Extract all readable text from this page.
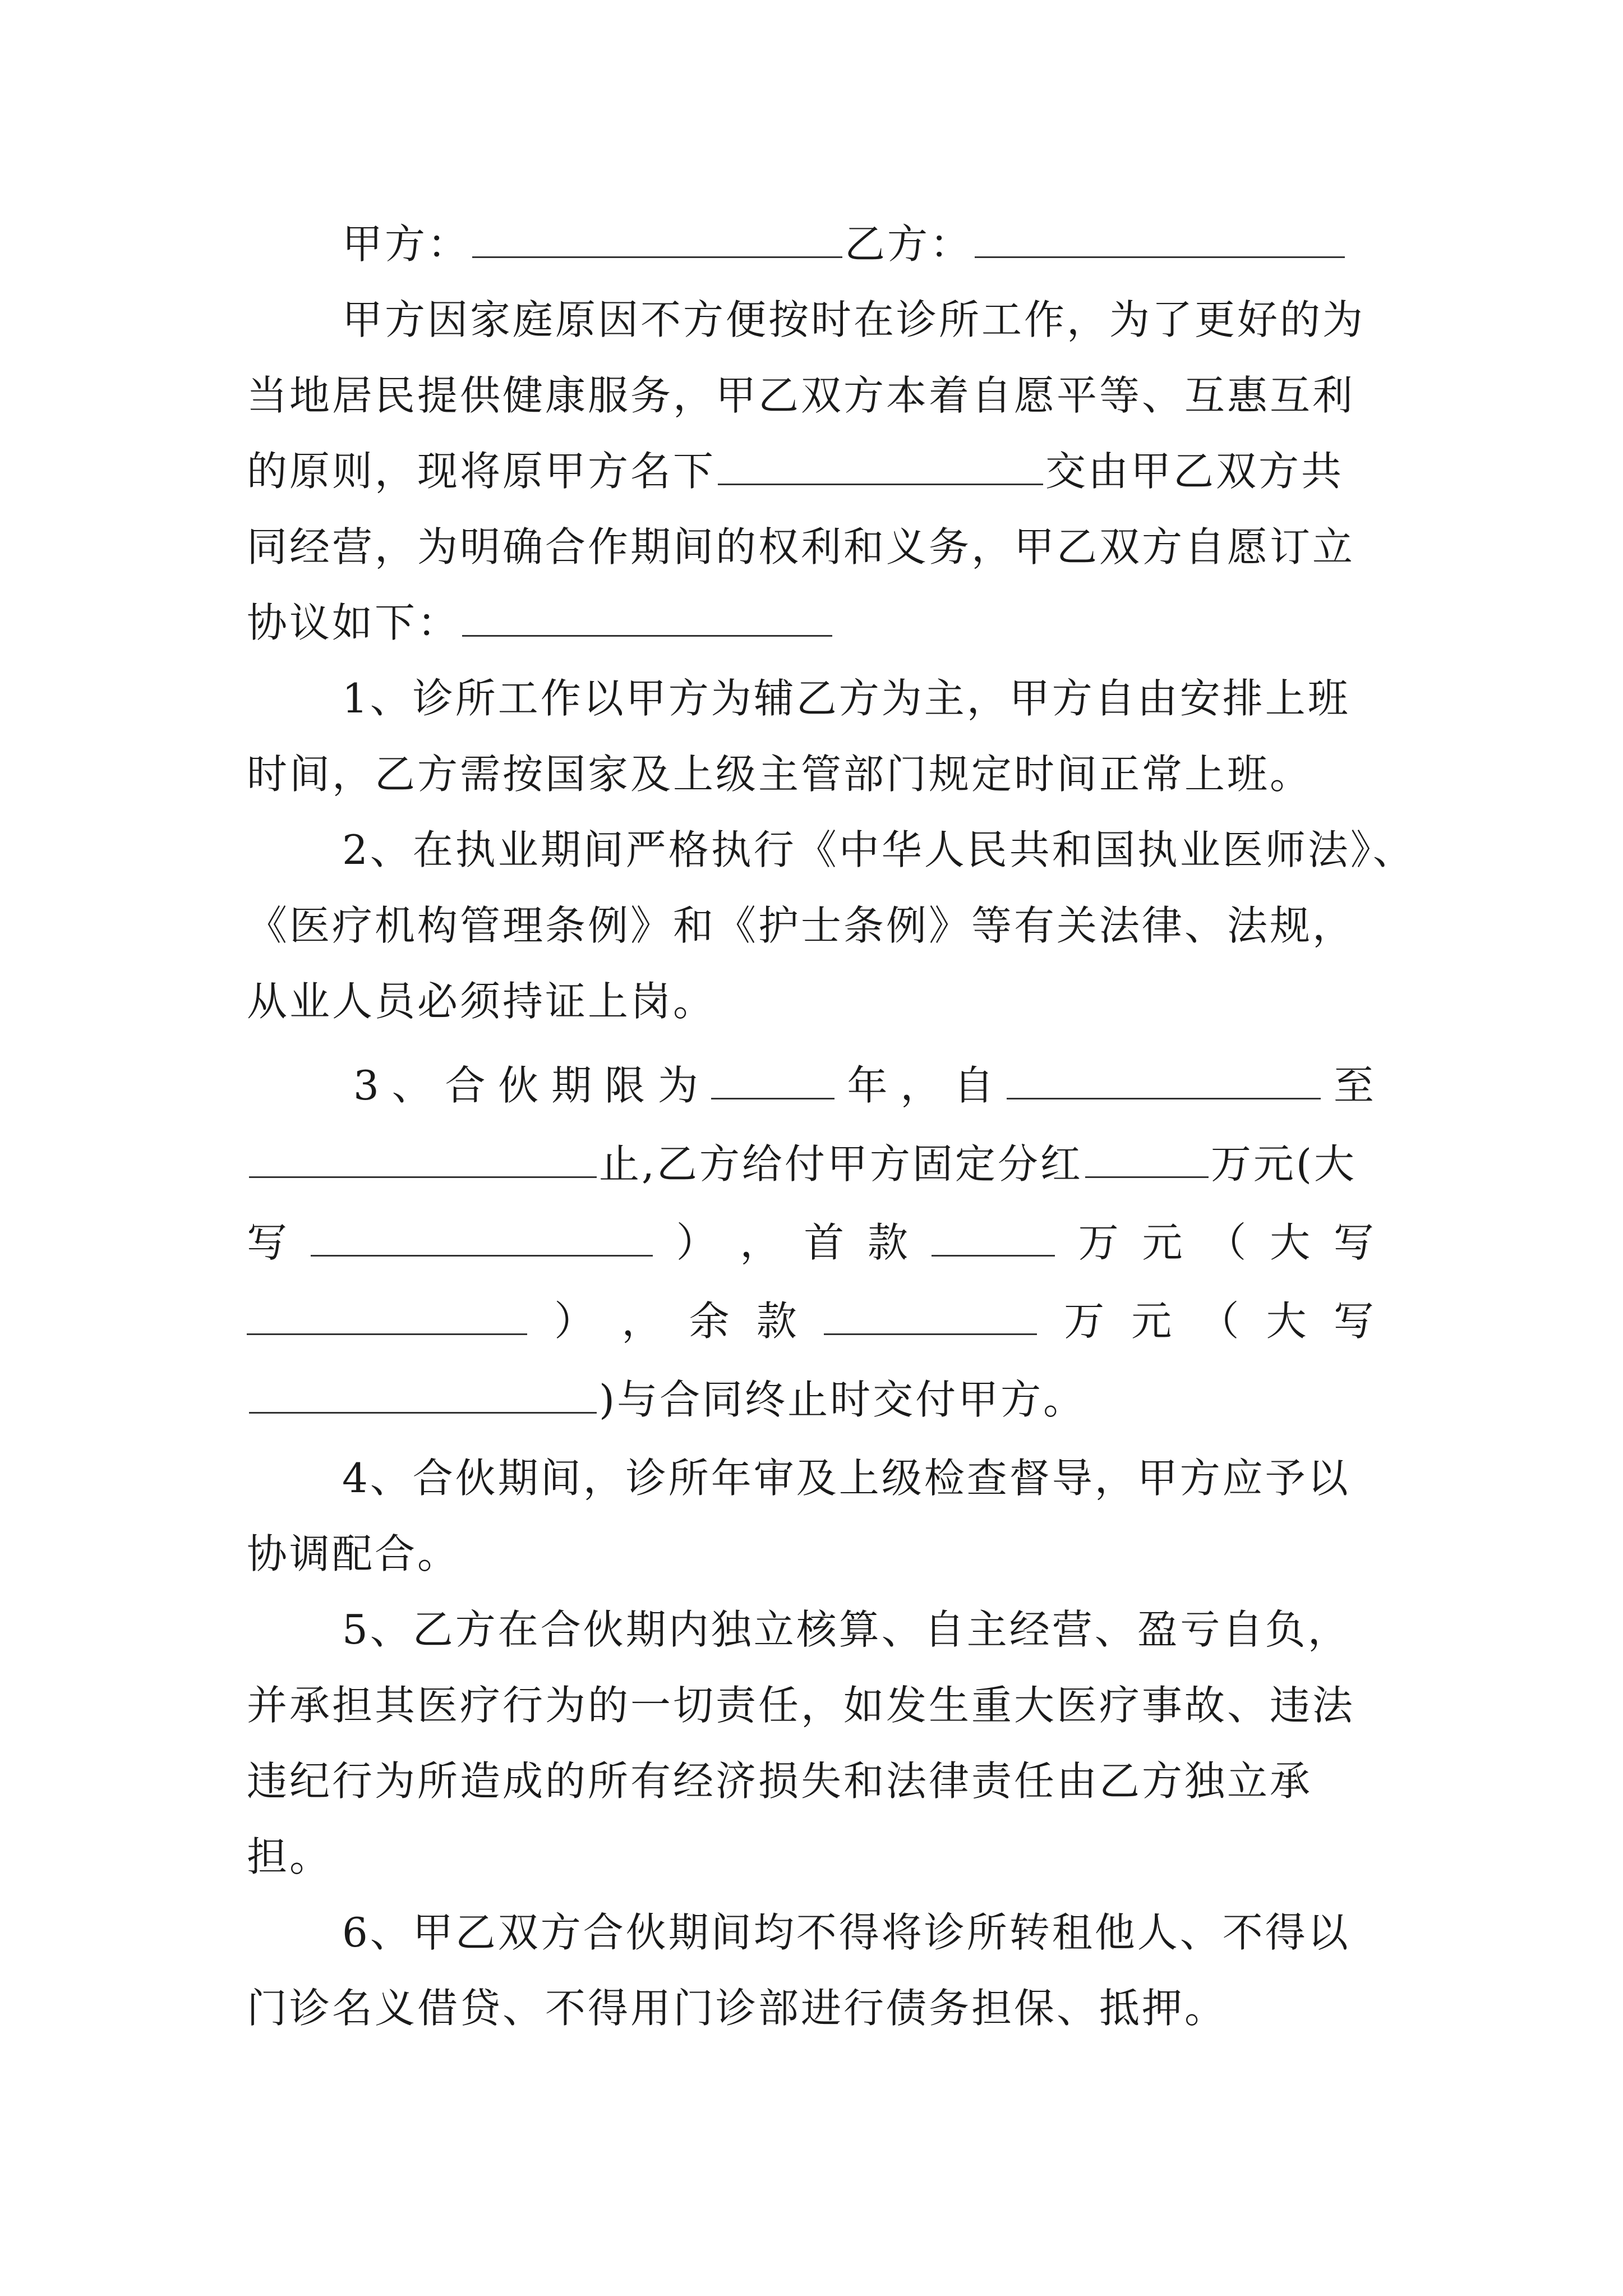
甲方：	乙方：
甲方因家庭原因不方便按时在诊所工作，为了更好的为
当地居民提供健康服务，甲乙双方本着自愿平等、互惠互利
的原则，现将原甲方名下	交由甲乙双方共
同经营，为明确合作期间的权利和义务，甲乙双方自愿订立
协议如下：
1、诊所工作以甲方为辅乙方为主，甲方自由安排上班
时间，乙方需按国家及上级主管部门规定时间正常上班。
2、在执业期间严格执行《中华人民共和国执业医师法》、
《医疗机构管理条例》和《护士条例》等有关法律、法规，
从业人员必须持证上岗。
3 、 合 伙 期 限 为	年 ， 自	至
止,乙方给付甲方固定分红	万元(大
写	） ， 首 款	万 元 （ 大 写
） ， 余 款	万 元 （ 大 写
)与合同终止时交付甲方。
4、合伙期间，诊所年审及上级检查督导，甲方应予以
协调配合。
5、乙方在合伙期内独立核算、自主经营、盈亏自负，
并承担其医疗行为的一切责任，如发生重大医疗事故、违法
违纪行为所造成的所有经济损失和法律责任由乙方独立承
担。
6、甲乙双方合伙期间均不得将诊所转租他人、不得以
门诊名义借贷、不得用门诊部进行债务担保、抵押。
